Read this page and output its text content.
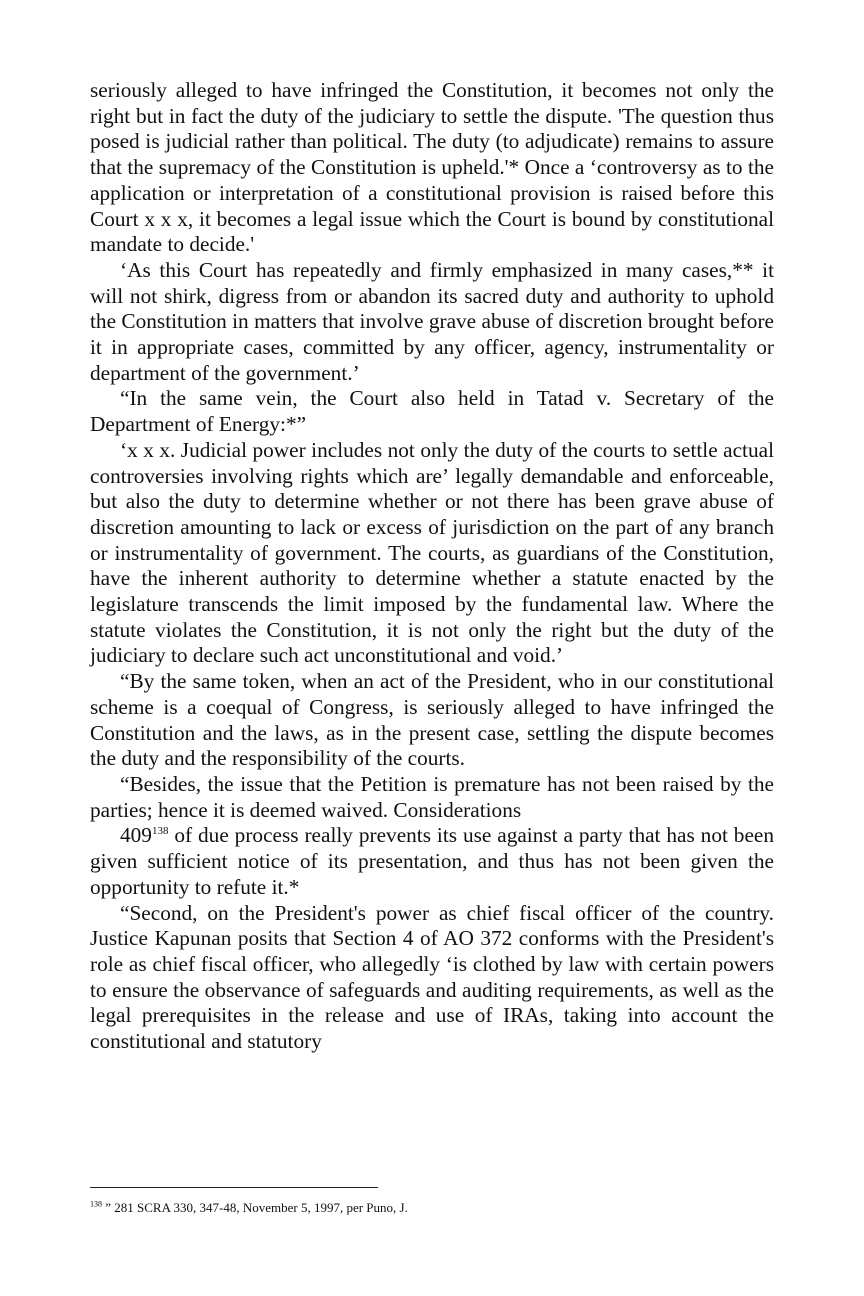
seriously alleged to have infringed the Constitution, it becomes not only the right but in fact the duty of the judiciary to settle the dispute. 'The question thus posed is judicial rather than political. The duty (to adjudicate) remains to assure that the supremacy of the Constitution is upheld.'* Once a ‘controversy as to the application or interpretation of a constitutional provision is raised before this Court x x x, it becomes a legal issue which the Court is bound by constitutional mandate to decide.'

‘As this Court has repeatedly and firmly emphasized in many cases,** it will not shirk, digress from or abandon its sacred duty and authority to uphold the Constitution in matters that involve grave abuse of discretion brought before it in appropriate cases, committed by any officer, agency, instrumentality or department of the government.’

“In the same vein, the Court also held in Tatad v. Secretary of the Department of Energy:*”

‘x x x. Judicial power includes not only the duty of the courts to settle actual controversies involving rights which are’ legally demandable and enforceable, but also the duty to determine whether or not there has been grave abuse of discretion amounting to lack or excess of jurisdiction on the part of any branch or instrumentality of government. The courts, as guardians of the Constitution, have the inherent authority to determine whether a statute enacted by the legislature transcends the limit imposed by the fundamental law. Where the statute violates the Constitution, it is not only the right but the duty of the judiciary to declare such act unconstitutional and void.’

“By the same token, when an act of the President, who in our constitutional scheme is a coequal of Congress, is seriously alleged to have infringed the Constitution and the laws, as in the present case, settling the dispute becomes the duty and the responsibility of the courts.

“Besides, the issue that the Petition is premature has not been raised by the parties; hence it is deemed waived. Considerations

409$^{138}$ of due process really prevents its use against a party that has not been given sufficient notice of its presentation, and thus has not been given the opportunity to refute it.*

“Second, on the President's power as chief fiscal officer of the country. Justice Kapunan posits that Section 4 of AO 372 conforms with the President's role as chief fiscal officer, who allegedly ‘is clothed by law with certain powers to ensure the observance of safeguards and auditing requirements, as well as the legal prerequisites in the release and use of IRAs, taking into account the constitutional and statutory

$^{138}$ ” 281 SCRA 330, 347-48, November 5, 1997, per Puno, J.
